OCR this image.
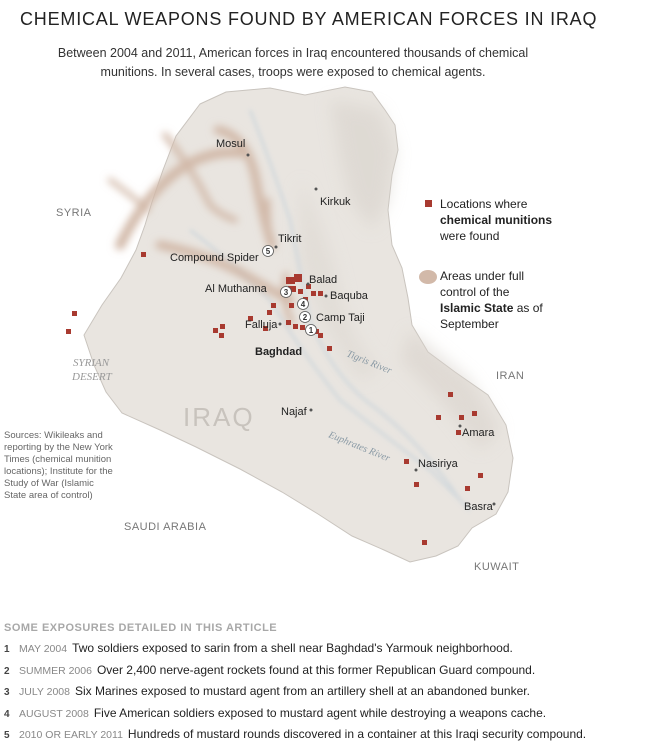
CHEMICAL WEAPONS FOUND BY AMERICAN FORCES IN IRAQ

Between 2004 and 2011, American forces in Iraq encountered thousands of chemical munitions. In several cases, troops were exposed to chemical agents.

SYRIA
IRAN
SAUDI ARABIA
KUWAIT
IRAQ
SYRIAN
DESERT
Tigris River
Euphrates River
Mosul
Kirkuk
Tikrit
Compound Spider
Balad
Al Muthanna
Baquba
Falluja
Camp Taji
Baghdad
Najaf
Amara
Nasiriya
Basra
5
3
4
2
1
Locations where
chemical munitions
were found
Areas under full
control of the
Islamic State as of
September
Sources: Wikileaks and reporting by the New York Times (chemical munition locations); Institute for the Study of War (Islamic State area of control)
SOME EXPOSURES DETAILED IN THIS ARTICLE
1 MAY 2004 Two soldiers exposed to sarin from a shell near Baghdad's Yarmouk neighborhood.
2 SUMMER 2006 Over 2,400 nerve-agent rockets found at this former Republican Guard compound.
3 JULY 2008 Six Marines exposed to mustard agent from an artillery shell at an abandoned bunker.
4 AUGUST 2008 Five American soldiers exposed to mustard agent while destroying a weapons cache.
5 2010 OR EARLY 2011 Hundreds of mustard rounds discovered in a container at this Iraqi security compound.
